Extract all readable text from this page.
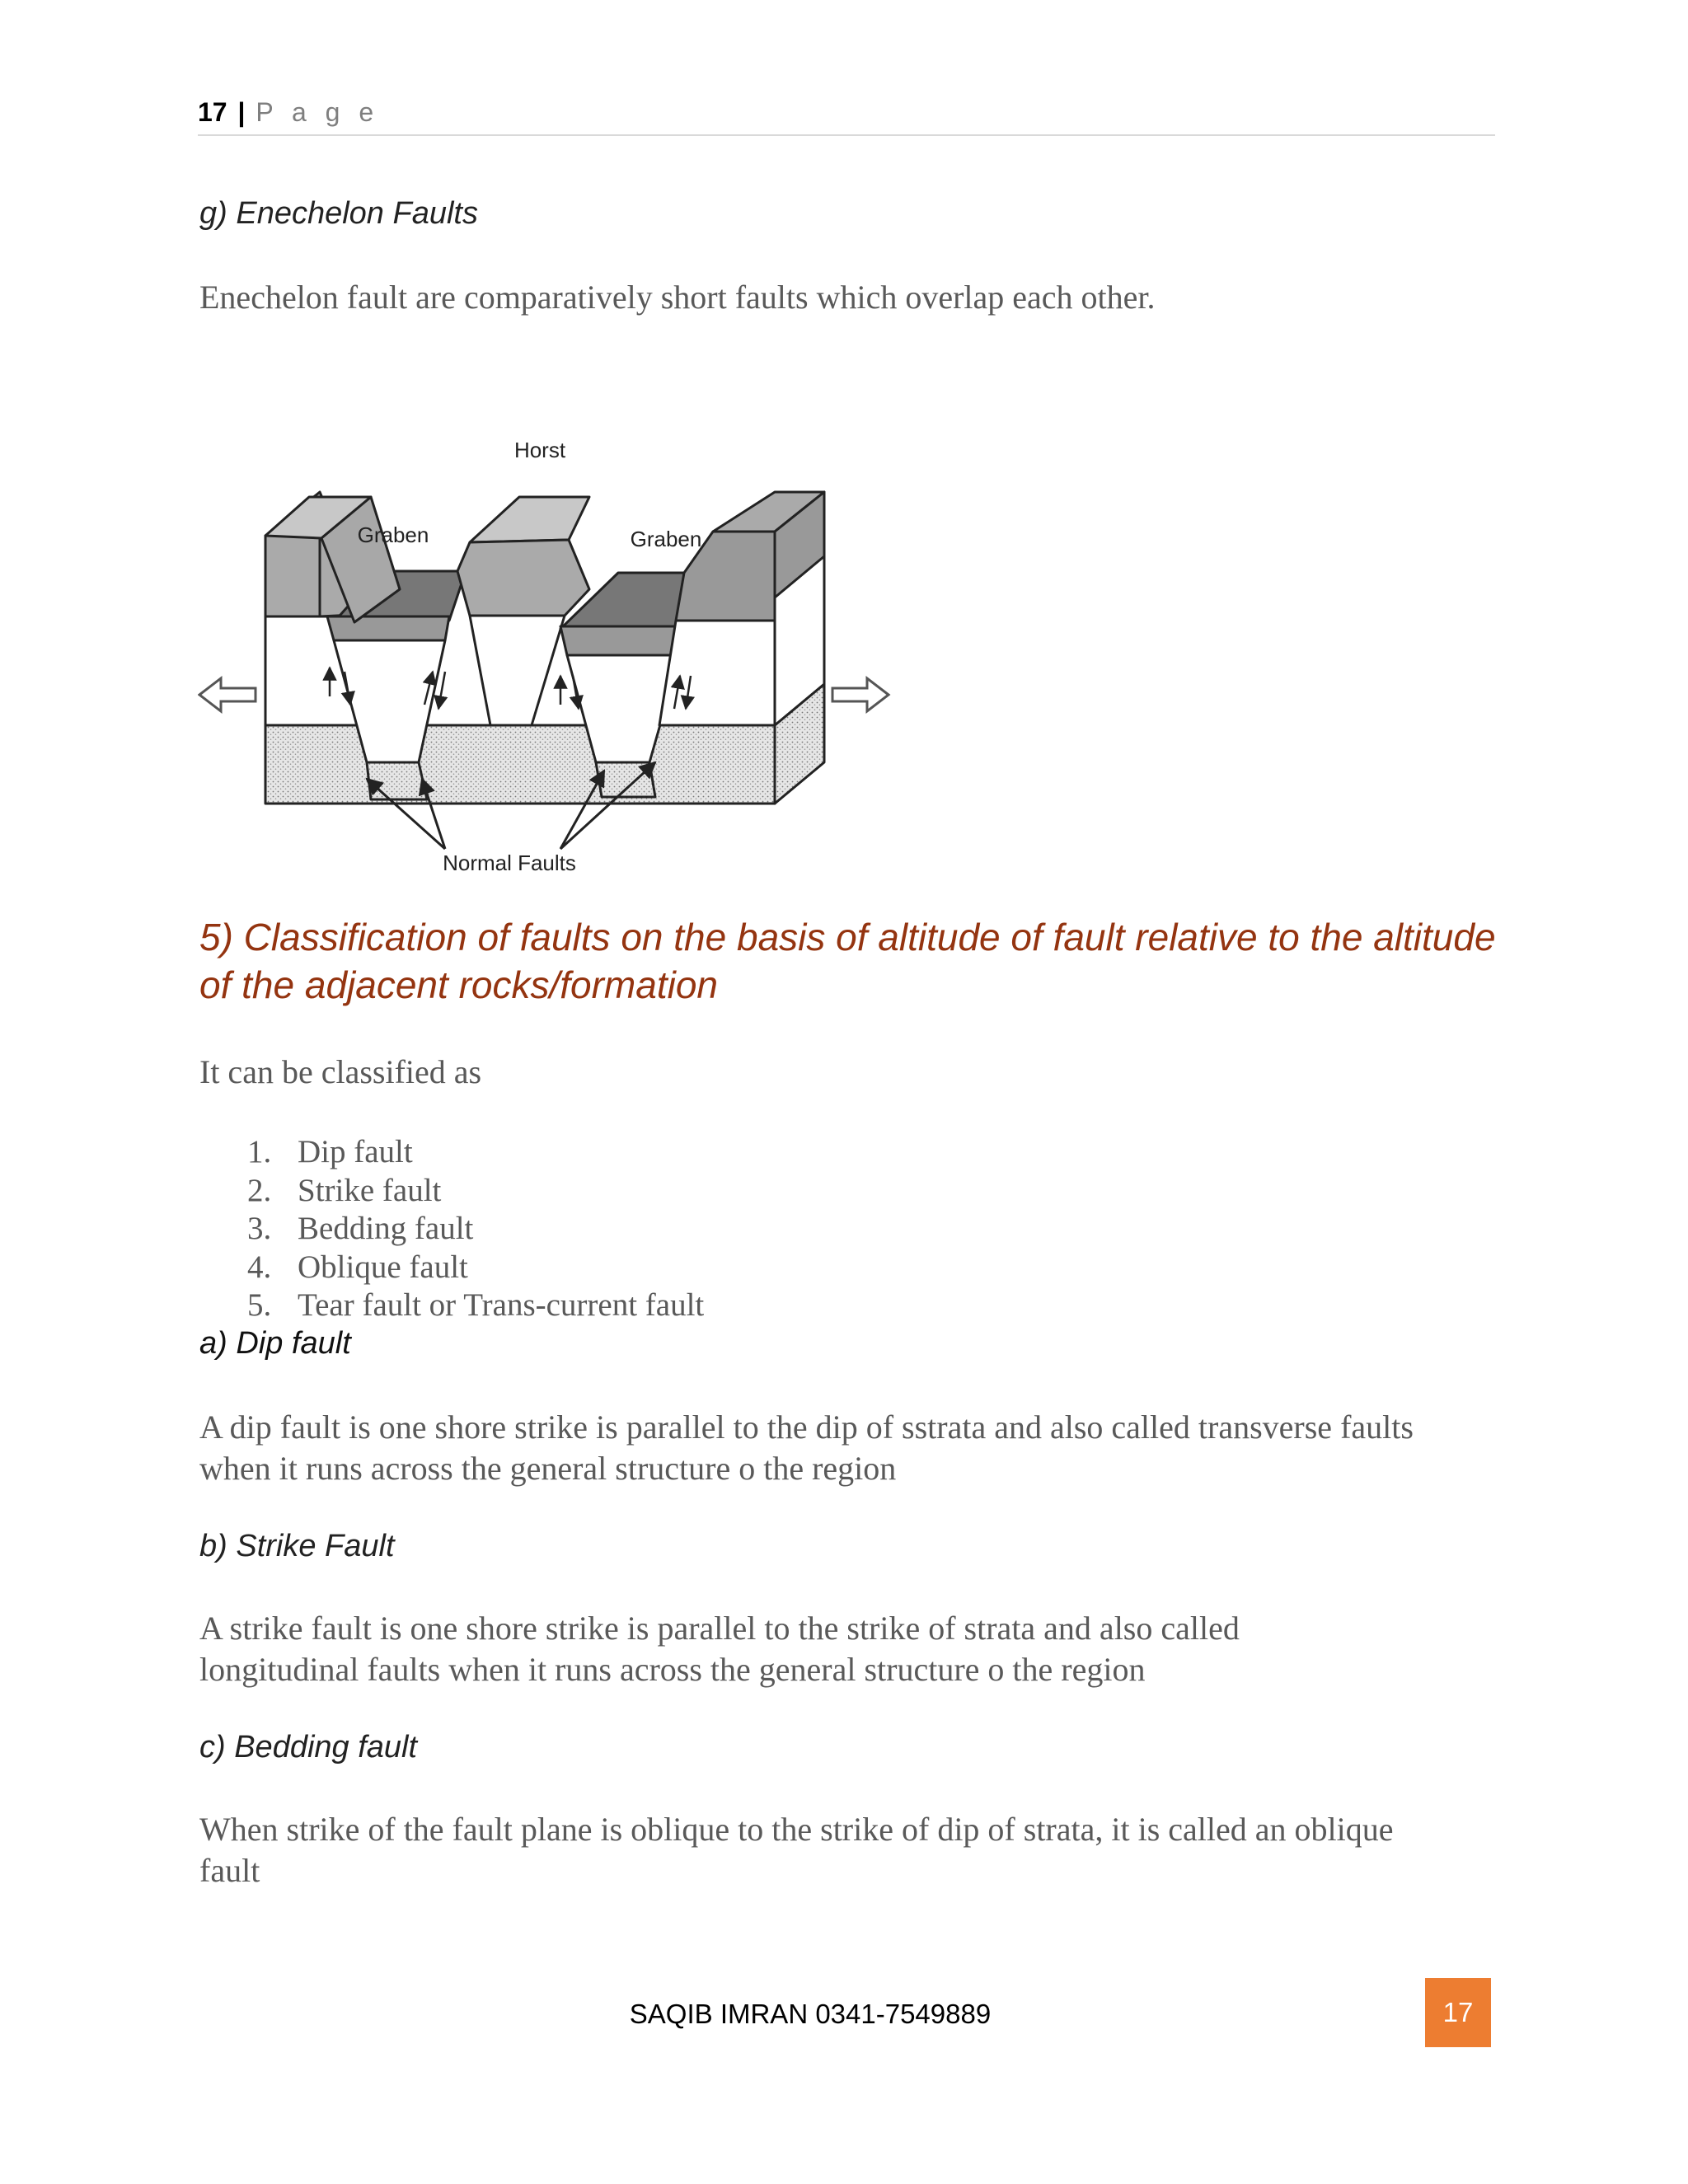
17 | P a g e
g) Enechelon Faults
Enechelon fault are comparatively short faults which overlap each other.
Horst
Graben	Graben
Normal Faults
5) Classification of faults on the basis of altitude of fault relative to the altitude of the adjacent rocks/formation
It can be classified as
1. Dip fault
2. Strike fault
3. Bedding fault
4. Oblique fault
5. Tear fault or Trans-current fault
a) Dip fault
A dip fault is one shore strike is parallel to the dip of sstrata and also called transverse faults when it runs across the general structure o the region
b) Strike Fault
A strike fault is one shore strike is parallel to the strike of strata and also called longitudinal faults when it runs across the general structure o the region
c) Bedding fault
When strike of the fault plane is oblique to the strike of dip of strata, it is called an oblique fault
SAQIB IMRAN 0341-7549889	17
